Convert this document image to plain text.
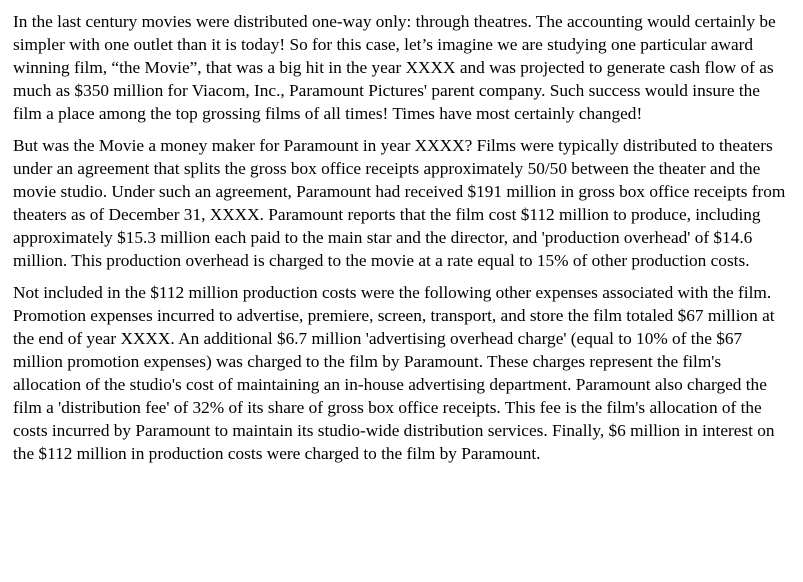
In the last century movies were distributed one-way only: through theatres. The accounting would certainly be simpler with one outlet than it is today! So for this case, let’s imagine we are studying one particular award winning film, “the Movie”, that was a big hit in the year XXXX and was projected to generate cash flow of as much as $350 million for Viacom, Inc., Paramount Pictures' parent company. Such success would insure the film a place among the top grossing films of all times! Times have most certainly changed!

But was the Movie a money maker for Paramount in year XXXX? Films were typically distributed to theaters under an agreement that splits the gross box office receipts approximately 50/50 between the theater and the movie studio. Under such an agreement, Paramount had received $191 million in gross box office receipts from theaters as of December 31, XXXX. Paramount reports that the film cost $112 million to produce, including approximately $15.3 million each paid to the main star and the director, and 'production overhead' of $14.6 million. This production overhead is charged to the movie at a rate equal to 15% of other production costs.

Not included in the $112 million production costs were the following other expenses associated with the film. Promotion expenses incurred to advertise, premiere, screen, transport, and store the film totaled $67 million at the end of year XXXX. An additional $6.7 million 'advertising overhead charge' (equal to 10% of the $67 million promotion expenses) was charged to the film by Paramount. These charges represent the film's allocation of the studio's cost of maintaining an in-house advertising department. Paramount also charged the film a 'distribution fee' of 32% of its share of gross box office receipts. This fee is the film's allocation of the costs incurred by Paramount to maintain its studio-wide distribution services. Finally, $6 million in interest on the $112 million in production costs were charged to the film by Paramount.
